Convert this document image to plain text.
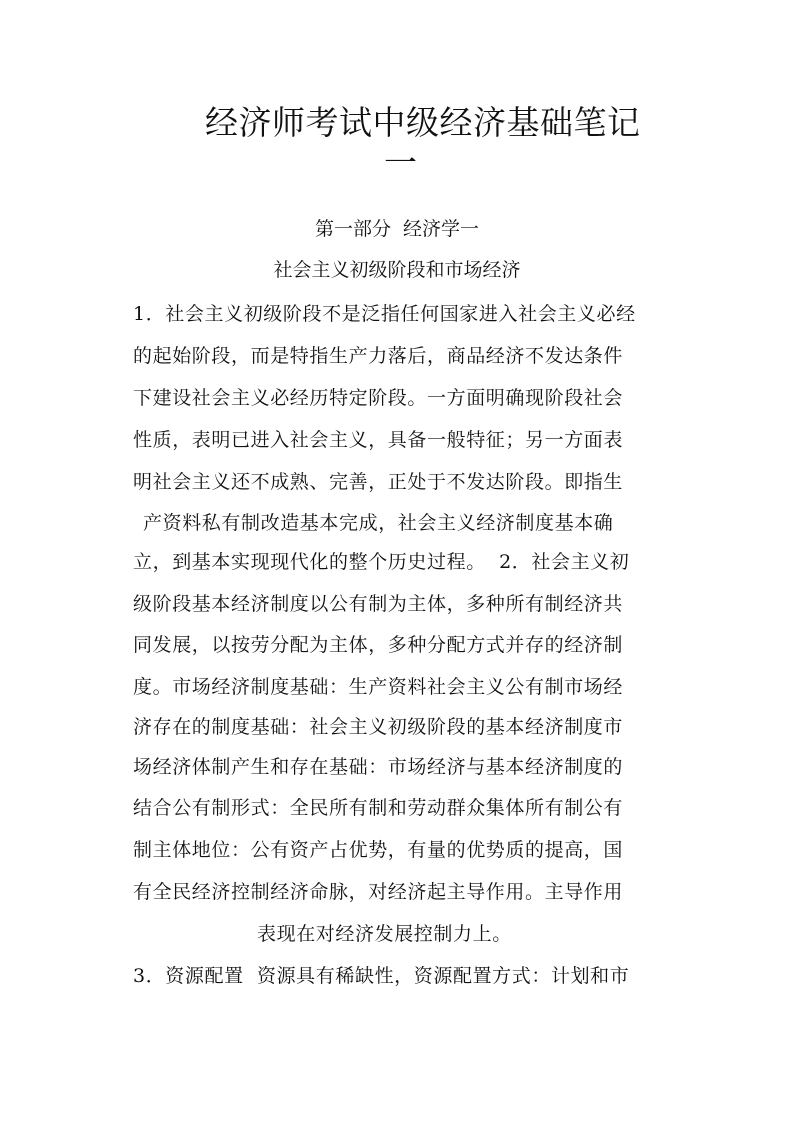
经济师考试中级经济基础笔记
一
第一部分  经济学一
社会主义初级阶段和市场经济
1．社会主义初级阶段不是泛指任何国家进入社会主义必经
的起始阶段，而是特指生产力落后，商品经济不发达条件
下建设社会主义必经历特定阶段。一方面明确现阶段社会
性质，表明已进入社会主义，具备一般特征；另一方面表
明社会主义还不成熟、完善，正处于不发达阶段。即指生
产资料私有制改造基本完成，社会主义经济制度基本确
立，到基本实现现代化的整个历史过程。  2．社会主义初
级阶段基本经济制度以公有制为主体，多种所有制经济共
同发展，以按劳分配为主体，多种分配方式并存的经济制
度。市场经济制度基础：生产资料社会主义公有制市场经
济存在的制度基础：社会主义初级阶段的基本经济制度市
场经济体制产生和存在基础：市场经济与基本经济制度的
结合公有制形式：全民所有制和劳动群众集体所有制公有
制主体地位：公有资产占优势，有量的优势质的提高，国
有全民经济控制经济命脉，对经济起主导作用。主导作用
表现在对经济发展控制力上。
3．资源配置  资源具有稀缺性，资源配置方式：计划和市
